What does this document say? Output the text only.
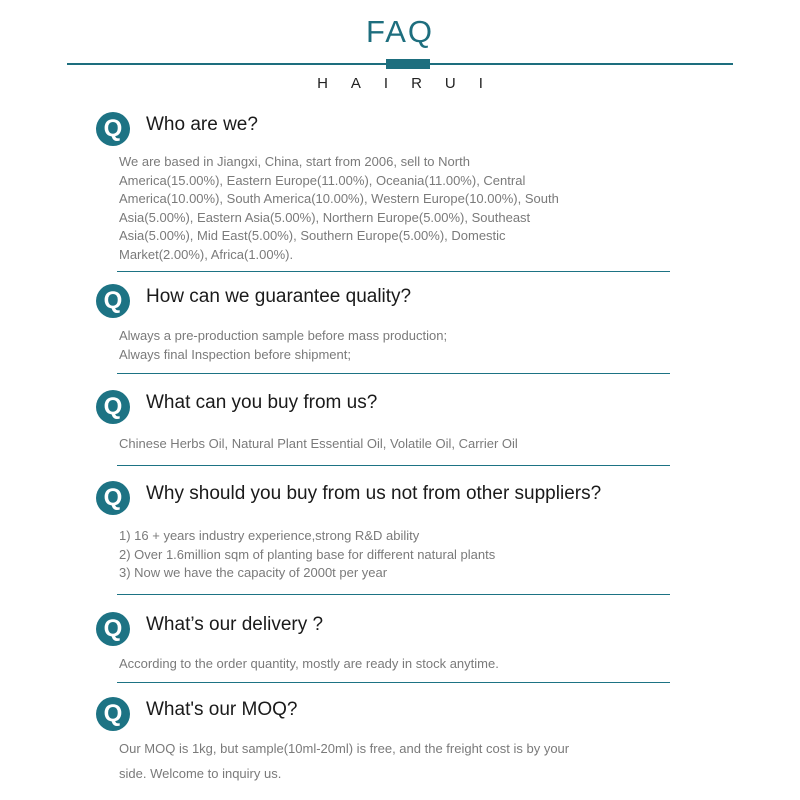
FAQ
HAIRUI
Q	Who are we?
We are based in Jiangxi, China, start from 2006, sell to North
America(15.00%), Eastern Europe(11.00%), Oceania(11.00%), Central
America(10.00%), South America(10.00%), Western Europe(10.00%), South
Asia(5.00%), Eastern Asia(5.00%), Northern Europe(5.00%), Southeast
Asia(5.00%), Mid East(5.00%), Southern Europe(5.00%), Domestic
Market(2.00%), Africa(1.00%).
Q	How can we guarantee quality?
Always a pre-production sample before mass production;
Always final Inspection before shipment;
Q	What can you buy from us?
Chinese Herbs Oil, Natural Plant Essential Oil, Volatile Oil, Carrier Oil
Q	Why should you buy from us not from other suppliers?
1) 16 + years industry experience,strong R&D ability
2) Over 1.6million sqm of planting base for different natural plants
3) Now we have the capacity of 2000t per year
Q	What’s our delivery ?
According to the order quantity, mostly are ready in stock anytime.
Q	What's our MOQ?
Our MOQ is 1kg, but sample(10ml-20ml) is free, and the freight cost is by your
side. Welcome to inquiry us.
